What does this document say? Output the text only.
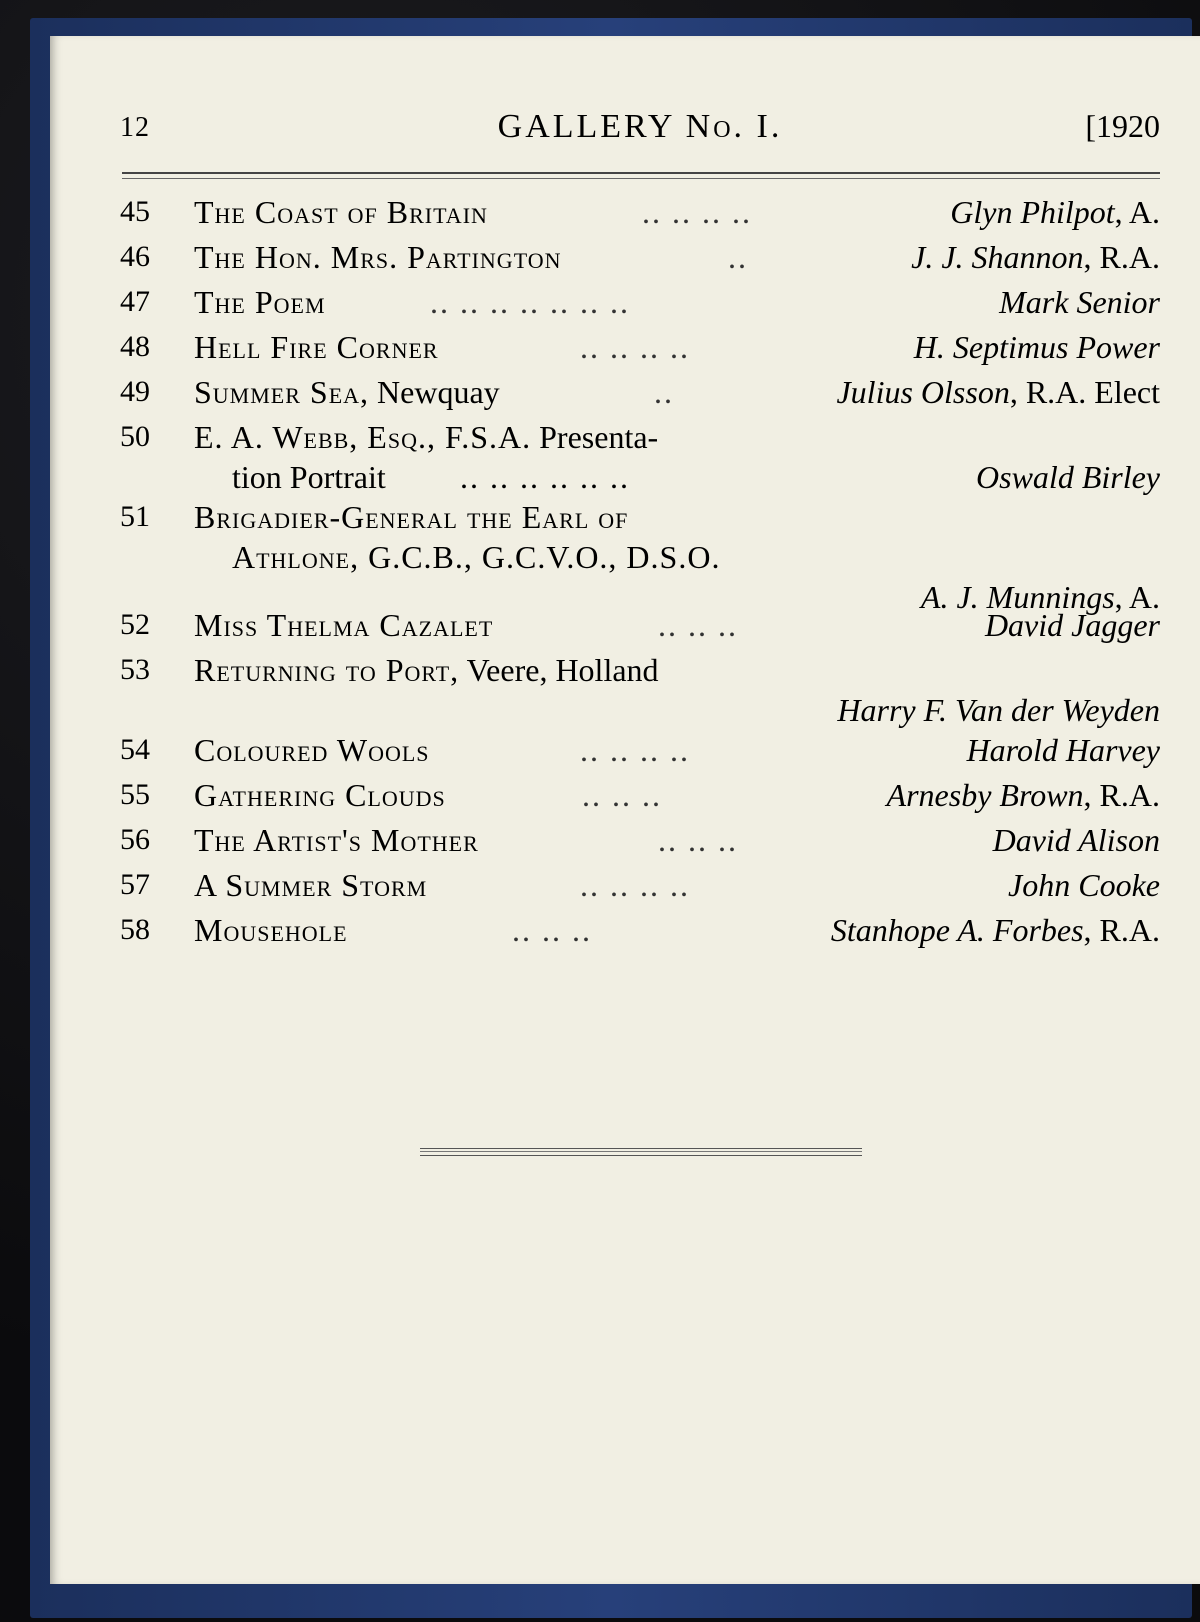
12	GALLERY No. I.	[1920
45	The Coast of Britain	.. .. .. ..	Glyn Philpot, A.
46	The Hon. Mrs. Partington	..	J. J. Shannon, R.A.
47	The Poem	.. .. .. .. .. .. ..	Mark Senior
48	Hell Fire Corner	.. .. .. ..	H. Septimus Power
49	Summer Sea, Newquay	..	Julius Olsson, R.A. Elect
50	E. A. Webb, Esq., F.S.A. Presenta-
tion Portrait .. .. .. .. .. ..	Oswald Birley
51	Brigadier-General the Earl of
Athlone, G.C.B., G.C.V.O., D.S.O.
A. J. Munnings, A.
52	Miss Thelma Cazalet	.. .. ..	David Jagger
53	Returning to Port, Veere, Holland
Harry F. Van der Weyden
54	Coloured Wools	.. .. .. ..	Harold Harvey
55	Gathering Clouds	.. .. ..	Arnesby Brown, R.A.
56	The Artist's Mother	.. .. ..	David Alison
57	A Summer Storm	.. .. .. ..	John Cooke
58	Mousehole	.. .. ..	Stanhope A. Forbes, R.A.
